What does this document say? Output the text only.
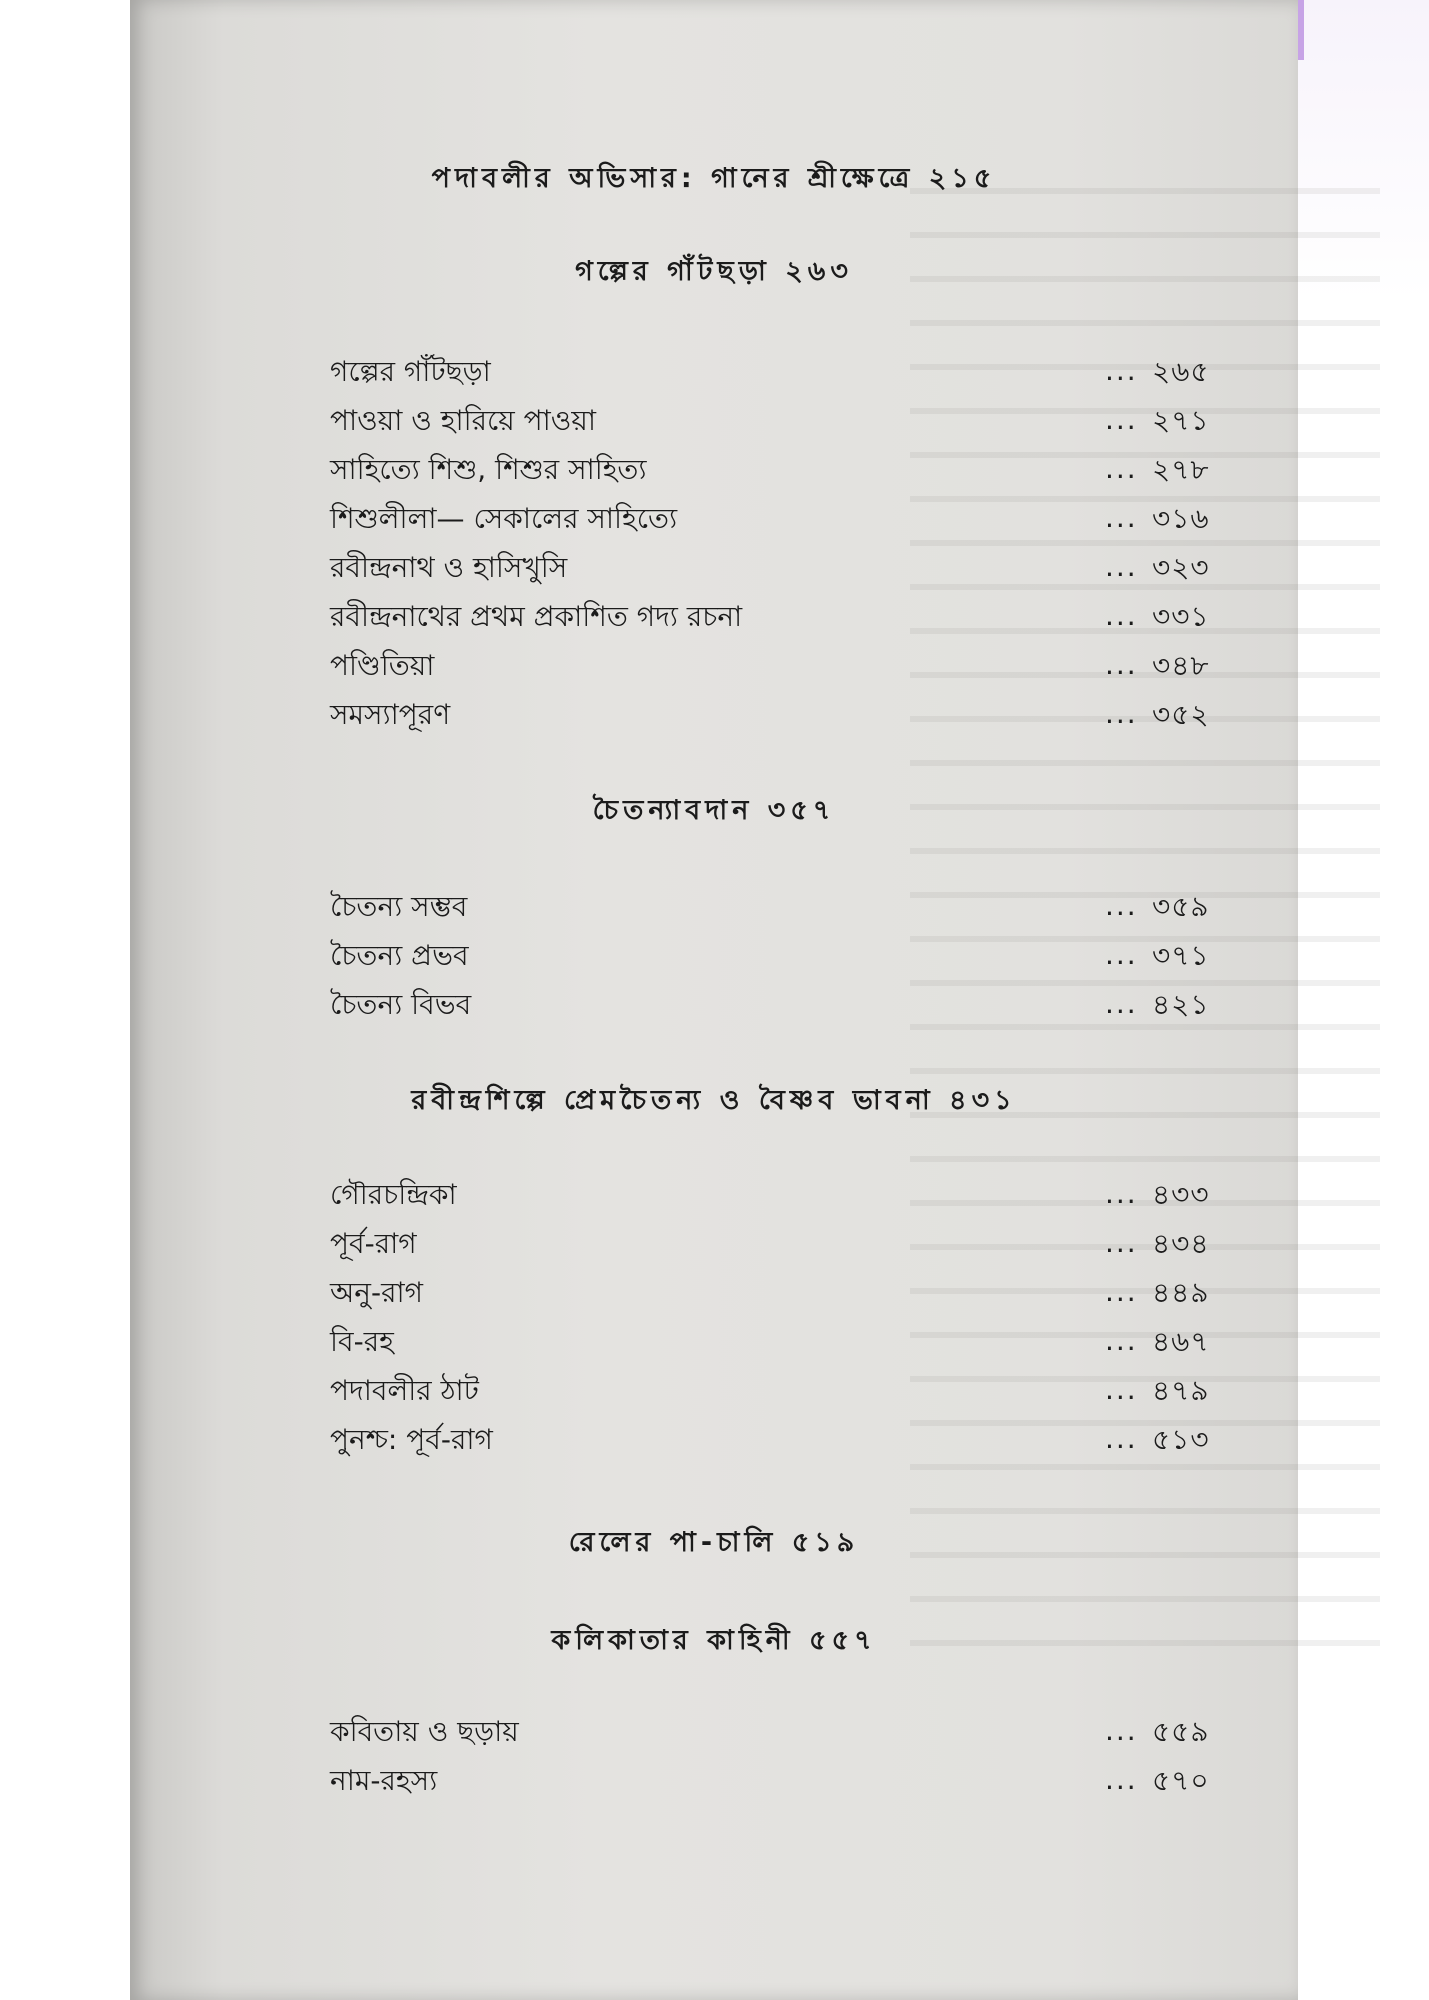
পদাবলীর অভিসার: গানের শ্রীক্ষেত্রে ২১৫
গল্পের গাঁটছড়া ২৬৩
গল্পের গাঁটছড়া	... ২৬৫
পাওয়া ও হারিয়ে পাওয়া	... ২৭১
সাহিত্যে শিশু, শিশুর সাহিত্য	... ২৭৮
শিশুলীলা— সেকালের সাহিত্যে	... ৩১৬
রবীন্দ্রনাথ ও হাসিখুসি	... ৩২৩
রবীন্দ্রনাথের প্রথম প্রকাশিত গদ্য রচনা	... ৩৩১
পণ্ডিতিয়া	... ৩৪৮
সমস্যাপূরণ	... ৩৫২
চৈতন্যাবদান ৩৫৭
চৈতন্য সম্ভব	... ৩৫৯
চৈতন্য প্রভব	... ৩৭১
চৈতন্য বিভব	... ৪২১
রবীন্দ্রশিল্পে প্রেমচৈতন্য ও বৈষ্ণব ভাবনা ৪৩১
গৌরচন্দ্রিকা	... ৪৩৩
পূর্ব-রাগ	... ৪৩৪
অনু-রাগ	... ৪৪৯
বি-রহ	... ৪৬৭
পদাবলীর ঠাট	... ৪৭৯
পুনশ্চ: পূর্ব-রাগ	... ৫১৩
রেলের পা-চালি ৫১৯
কলিকাতার কাহিনী ৫৫৭
কবিতায় ও ছড়ায়	... ৫৫৯
নাম-রহস্য	... ৫৭০
